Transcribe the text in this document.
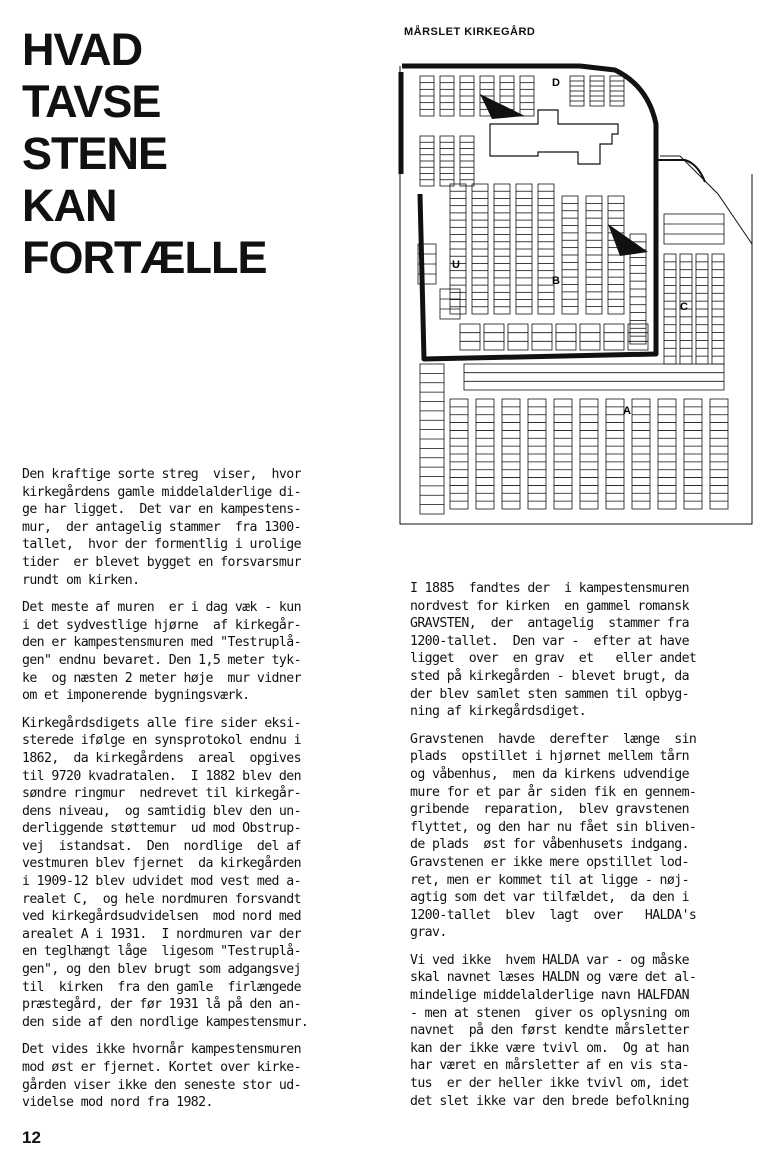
HVAD
TAVSE
STENE
KAN
FORTÆLLE
MÅRSLET KIRKEGÅRD
D
U
B
C
A

Den kraftige sorte streg  viser,  hvor
kirkegårdens gamle middelalderlige di-
ge har ligget.  Det var en kampestens-
mur,  der antagelig stammer  fra 1300-
tallet,  hvor der formentlig i urolige
tider  er blevet bygget en forsvarsmur
rundt om kirken.

Det meste af muren  er i dag væk - kun
i det sydvestlige hjørne  af kirkegår-
den er kampestensmuren med "Testruplå-
gen" endnu bevaret. Den 1,5 meter tyk-
ke  og næsten 2 meter høje  mur vidner
om et imponerende bygningsværk.

Kirkegårdsdigets alle fire sider eksi-
sterede ifølge en synsprotokol endnu i
1862,  da kirkegårdens  areal  opgives
til 9720 kvadratalen.  I 1882 blev den
søndre ringmur  nedrevet til kirkegår-
dens niveau,  og samtidig blev den un-
derliggende støttemur  ud mod Obstrup-
vej  istandsat.  Den  nordlige  del af
vestmuren blev fjernet  da kirkegården
i 1909-12 blev udvidet mod vest med a-
realet C,  og hele nordmuren forsvandt
ved kirkegårdsudvidelsen  mod nord med
arealet A i 1931.  I nordmuren var der
en teglhængt låge  ligesom "Testruplå-
gen", og den blev brugt som adgangsvej
til  kirken  fra den gamle  firlængede
præstegård, der før 1931 lå på den an-
den side af den nordlige kampestensmur.

Det vides ikke hvornår kampestensmuren
mod øst er fjernet. Kortet over kirke-
gården viser ikke den seneste stor ud-
videlse mod nord fra 1982.

I 1885  fandtes der  i kampestensmuren
nordvest for kirken  en gammel romansk
GRAVSTEN,  der  antagelig  stammer fra
1200-tallet.  Den var -  efter at have
ligget  over  en grav  et   eller andet
sted på kirkegården - blevet brugt, da
der blev samlet sten sammen til opbyg-
ning af kirkegårdsdiget.

Gravstenen  havde  derefter  længe  sin
plads  opstillet i hjørnet mellem tårn
og våbenhus,  men da kirkens udvendige
mure for et par år siden fik en gennem-
gribende  reparation,  blev gravstenen
flyttet, og den har nu fået sin bliven-
de plads  øst for våbenhusets indgang.
Gravstenen er ikke mere opstillet lod-
ret, men er kommet til at ligge - nøj-
agtig som det var tilfældet,  da den i
1200-tallet  blev  lagt  over   HALDA's
grav.

Vi ved ikke  hvem HALDA var - og måske
skal navnet læses HALDN og være det al-
mindelige middelalderlige navn HALFDAN
- men at stenen  giver os oplysning om
navnet  på den først kendte mårsletter
kan der ikke være tvivl om.  Og at han
har været en mårsletter af en vis sta-
tus  er der heller ikke tvivl om, idet
det slet ikke var den brede befolkning

12
